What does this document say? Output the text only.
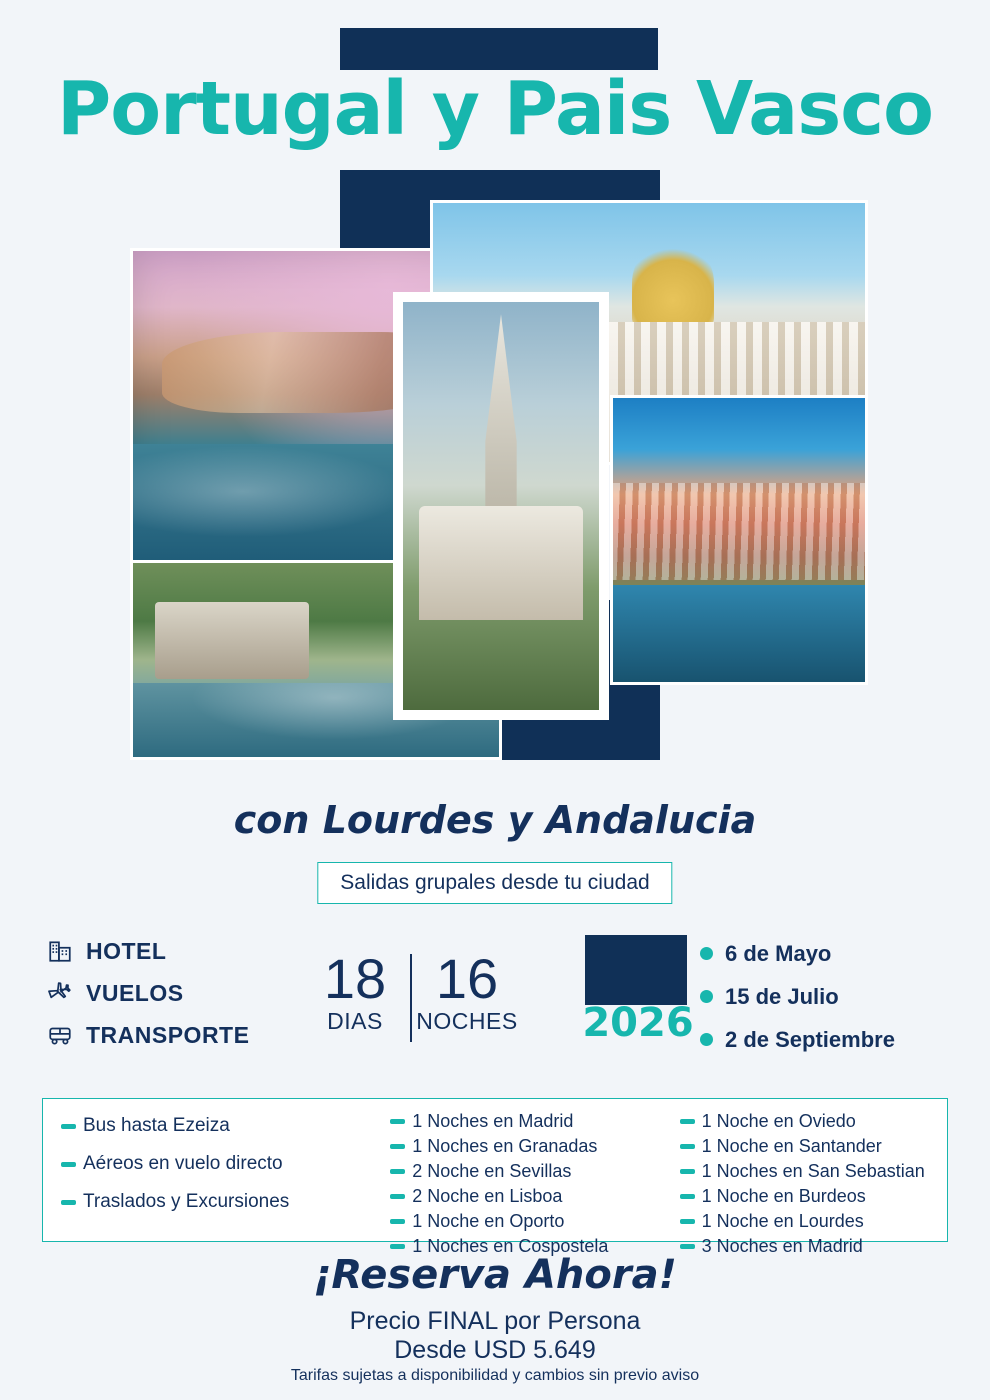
Portugal y Pais Vasco
con Lourdes y Andalucia
Salidas grupales desde tu ciudad
HOTEL
VUELOS
TRANSPORTE
18
DIAS
16
NOCHES	2026
6 de Mayo
15 de Julio
2 de Septiembre
Bus hasta Ezeiza
Aéreos en vuelo directo
Traslados y Excursiones
1 Noches en Madrid
1 Noches en Granadas
2 Noche en Sevillas
2 Noche en Lisboa
1 Noche en Oporto
1 Noches en Cospostela
1 Noche en Oviedo
1 Noche en Santander
1 Noches en San Sebastian
1 Noche en Burdeos
1 Noche en Lourdes
3 Noches en Madrid
¡Reserva Ahora!
Precio FINAL por Persona
Desde USD 5.649
Tarifas sujetas a disponibilidad y cambios sin previo aviso
